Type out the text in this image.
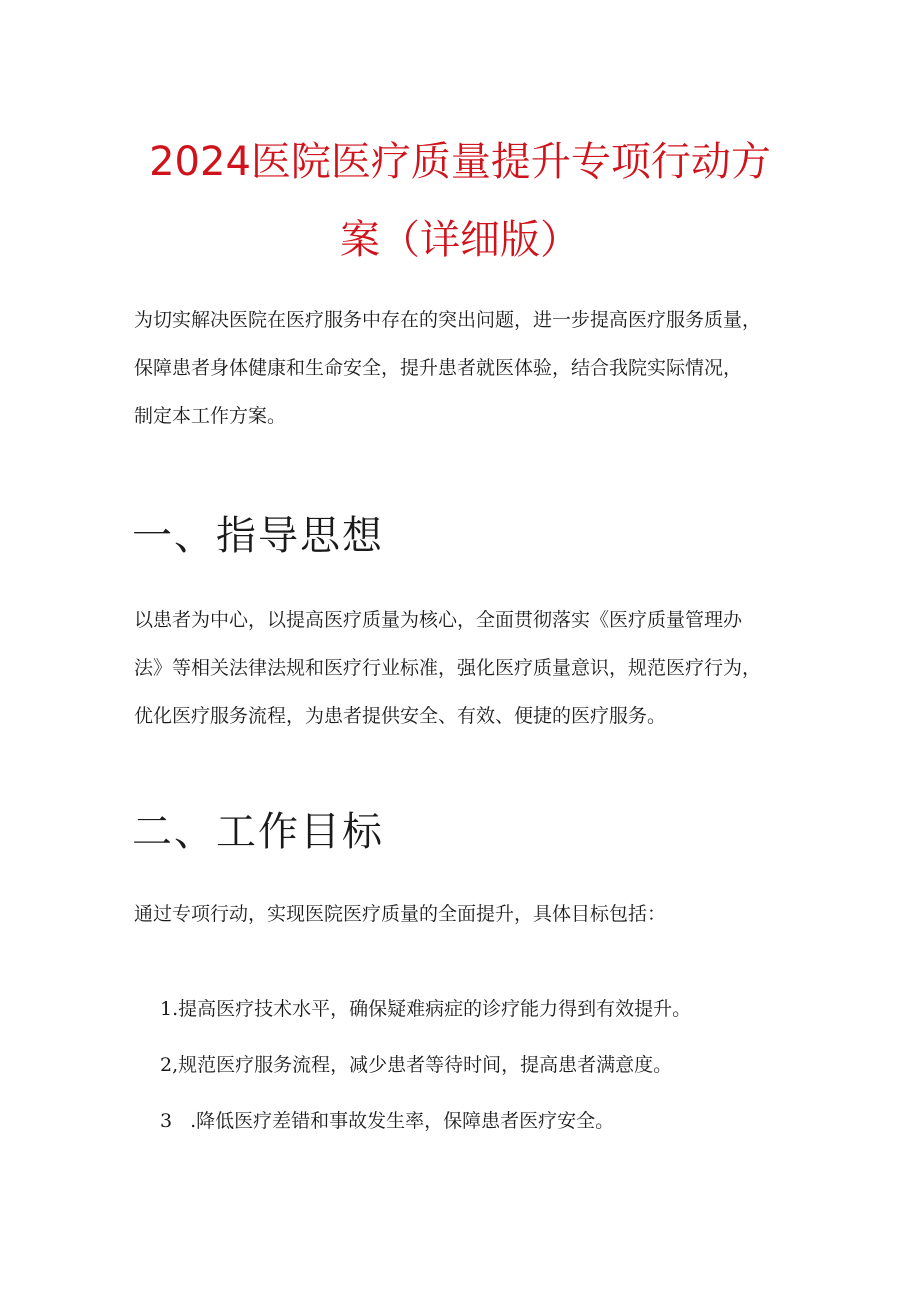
2024医院医疗质量提升专项行动方
案（详细版）

为切实解决医院在医疗服务中存在的突出问题，进一步提高医疗服务质量，

保障患者身体健康和生命安全，提升患者就医体验，结合我院实际情况，

制定本工作方案。

一、指导思想

以患者为中心，以提高医疗质量为核心，全面贯彻落实《医疗质量管理办

法》等相关法律法规和医疗行业标准，强化医疗质量意识，规范医疗行为，

优化医疗服务流程，为患者提供安全、有效、便捷的医疗服务。

二、工作目标

通过专项行动，实现医院医疗质量的全面提升，具体目标包括：

1.提高医疗技术水平，确保疑难病症的诊疗能力得到有效提升。

2,规范医疗服务流程，减少患者等待时间，提高患者满意度。

3 .降低医疗差错和事故发生率，保障患者医疗安全。
